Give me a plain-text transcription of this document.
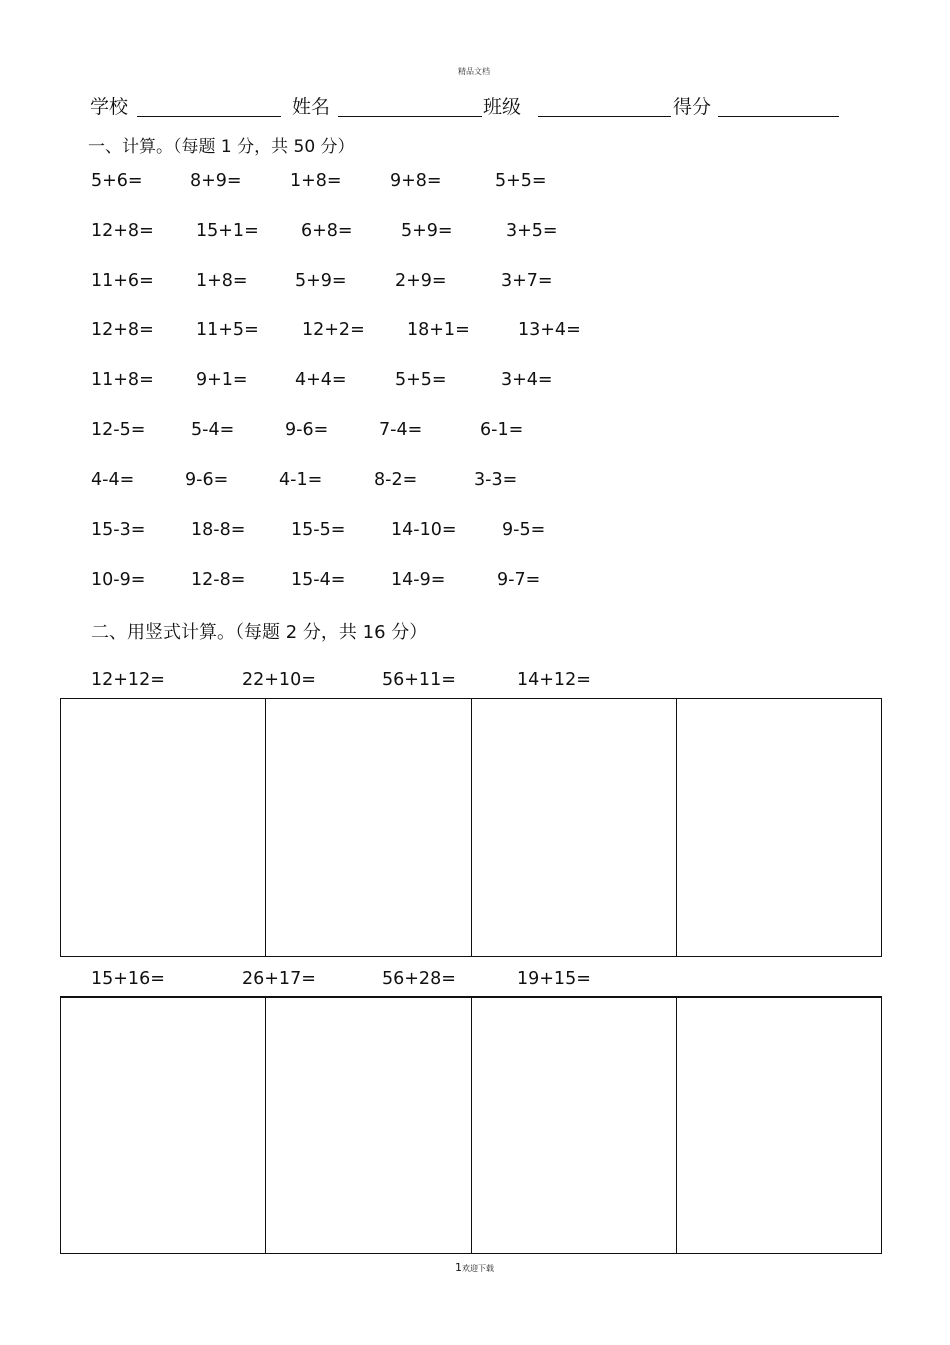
精品文档
学校	姓名	班级	得分
一、计算。（每题 1 分，共 50 分）
5+6=	8+9=	1+8=	9+8=	5+5=
12+8= 15+1= 6+8=	5+9=	3+5=
11+6= 1+8=	5+9=	2+9=	3+7=
12+8= 11+5= 12+2= 18+1=	13+4=
11+8= 9+1=	4+4=	5+5=	3+4=
12-5=	5-4=	9-6=	7-4=	6-1=
4-4=	9-6=	4-1=	8-2=	3-3=
15-3=	18-8=	15-5=	14-10=	9-5=
10-9=	12-8=	15-4=	14-9=	9-7=
二、用竖式计算。（每题 2 分，共 16 分）
12+12=	22+10=	56+11=	14+12=
15+16=	26+17=	56+28=	19+15=
1欢迎下载
